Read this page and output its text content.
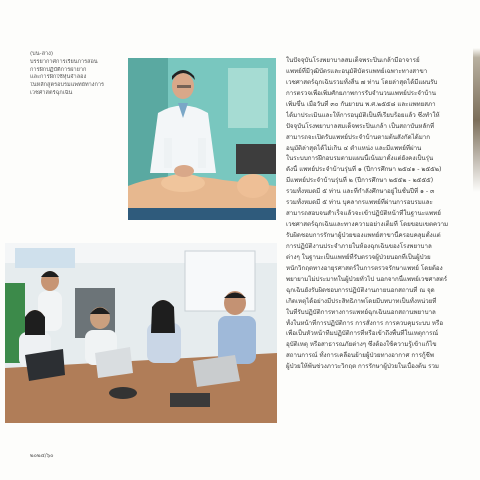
(บน-ล่าง)
บรรยากาศการเรียนการสอน
การฝึกปฏิบัติการผ่ายาก
และการฝึกใช้หุ่นจำลอง
ในหลักสูตรอบรมแพทย์ทางการ
เวชศาสตร์ฉุกเฉิน
ในปัจจุบันโรงพยาบาลสมเด็จพระปิ่นเกล้ามีอาจารย์
แพทย์ที่มีวุฒิบัตรและอนุมัติบัตรแพทย์เฉพาะทางสาขา
เวชศาสตร์ฉุกเฉินรวมทั้งสิ้น ๗ ท่าน โดยล่าสุดได้มีแผนรับ
การตรวจเพื่อเพิ่มศักยภาพการรับจำนวนแพทย์ประจำบ้าน
เพิ่มขึ้น เมื่อวันที่ ๓๐ กันยายน พ.ศ.๒๕๕๘ และแพทยสภา
ได้มาประเมินและให้การอนุมัติเป็นที่เรียบร้อยแล้ว ซึ่งทำให้
ปัจจุบันโรงพยาบาลสมเด็จพระปิ่นเกล้า เป็นสถาบันหลักที่
สามารถจะเปิดรับแพทย์ประจำบ้านตามต้นสังกัดได้มาก
อนุมัติล่าสุดได้ไม่เกิน ๔ ตำแหน่ง และมีแพทย์ที่ผ่าน
ในระบบการฝึกอบรมตามแผนนี้เน้นมาตั้งแต่ยังคงเป็นรุ่น
ดังนี้ แพทย์ประจำบ้านรุ่นที่ ๑ (ปีการศึกษา ๒๕๔๑ - ๒๕๕๒)
มีแพทย์ประจำบ้านรุ่นที่ ๒ (ปีการศึกษา ๒๕๕๒ - ๒๕๕๕)
รวมทั้งหมดมี ๕ ท่าน และที่กำลังศึกษาอยู่ในชั้นปีที่ ๑ - ๓
รวมทั้งหมดมี ๕ ท่าน บุคลากรแพทย์ที่ผ่านการอบรมและ
สามารถสอบจนสำเร็จแล้วจะเข้าปฏิบัติหน้าที่ในฐานะแพทย์
เวชศาสตร์ฉุกเฉินและทางความอย่างเต็มที่ โดยขอบเขตความ
รับผิดชอบการรักษาผู้ป่วยของแพทย์สาขานี้ครอบคลุมตั้งแต่
การปฏิบัติงานประจำภายในห้องฉุกเฉินของโรงพยาบาล
ต่างๆ ในฐานะเป็นแพทย์ที่รับตรวจผู้ป่วยนอกที่เป็นผู้ป่วย
หนักวิกฤตทางอายุรศาสตร์ในการตรวจรักษาแพทย์ โดยต้อง
พยายามไม่ประมาทในผู้ป่วยทั่วไป นอกจากนี้แพทย์เวชศาสตร์
ฉุกเฉินยังรับผิดชอบการปฏิบัติงานภายนอกสถานที่ ณ จุด
เกิดเหตุได้อย่างมีประสิทธิภาพโดยมีบทบาทเป็นทั้งหน่วยที่
ในที่รับปฏิบัติการทางการแพทย์ฉุกเฉินนอกสถานพยาบาล
ทั้งในหน้าที่การปฏิบัติการ การสั่งการ การควบคุมระบบ หรือ
เพื่อเป็นหัวหน้าทีมปฏิบัติการที่หรือเข้าถึงพื้นที่ในเหตุการณ์
อุบัติเหตุ หรือสาธารณภัยต่างๆ ซึ่งต้องใช้ความรู้เข้าแก้ไข
สถานการณ์ ทั้งการเคลื่อนย้ายผู้ป่วยทางอากาศ การกู้ชีพ
ผู้ป่วยให้พ้นช่วงภาวะวิกฤต การรักษาผู้ป่วยในเบื้องต้น รวม
๒๐๒๔/๖๐
